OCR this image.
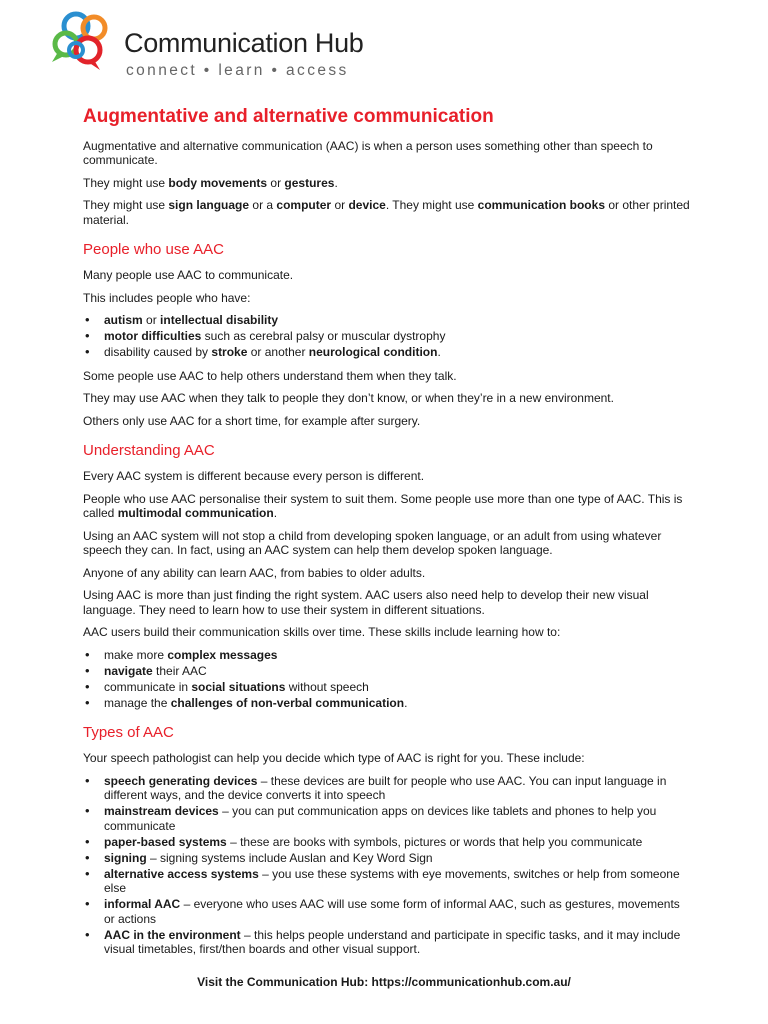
Communication Hub
connect • learn • access
Augmentative and alternative communication

Augmentative and alternative communication (AAC) is when a person uses something other than speech to communicate.

They might use body movements or gestures.

They might use sign language or a computer or device. They might use communication books or other printed material.

People who use AAC

Many people use AAC to communicate.

This includes people who have:

• autism or intellectual disability
• motor difficulties such as cerebral palsy or muscular dystrophy
• disability caused by stroke or another neurological condition.

Some people use AAC to help others understand them when they talk.

They may use AAC when they talk to people they don’t know, or when they’re in a new environment.

Others only use AAC for a short time, for example after surgery.

Understanding AAC

Every AAC system is different because every person is different.

People who use AAC personalise their system to suit them. Some people use more than one type of AAC. This is called multimodal communication.

Using an AAC system will not stop a child from developing spoken language, or an adult from using whatever speech they can. In fact, using an AAC system can help them develop spoken language.

Anyone of any ability can learn AAC, from babies to older adults.

Using AAC is more than just finding the right system. AAC users also need help to develop their new visual language. They need to learn how to use their system in different situations.

AAC users build their communication skills over time. These skills include learning how to:

• make more complex messages
• navigate their AAC
• communicate in social situations without speech
• manage the challenges of non-verbal communication.
Types of AAC

Your speech pathologist can help you decide which type of AAC is right for you. These include:

• speech generating devices – these devices are built for people who use AAC. You can input language in different ways, and the device converts it into speech
• mainstream devices – you can put communication apps on devices like tablets and phones to help you communicate
• paper-based systems – these are books with symbols, pictures or words that help you communicate
• signing – signing systems include Auslan and Key Word Sign
• alternative access systems – you use these systems with eye movements, switches or help from someone else
• informal AAC – everyone who uses AAC will use some form of informal AAC, such as gestures, movements or actions
• AAC in the environment – this helps people understand and participate in specific tasks, and it may include visual timetables, first/then boards and other visual support.
Visit the Communication Hub: https://communicationhub.com.au/
